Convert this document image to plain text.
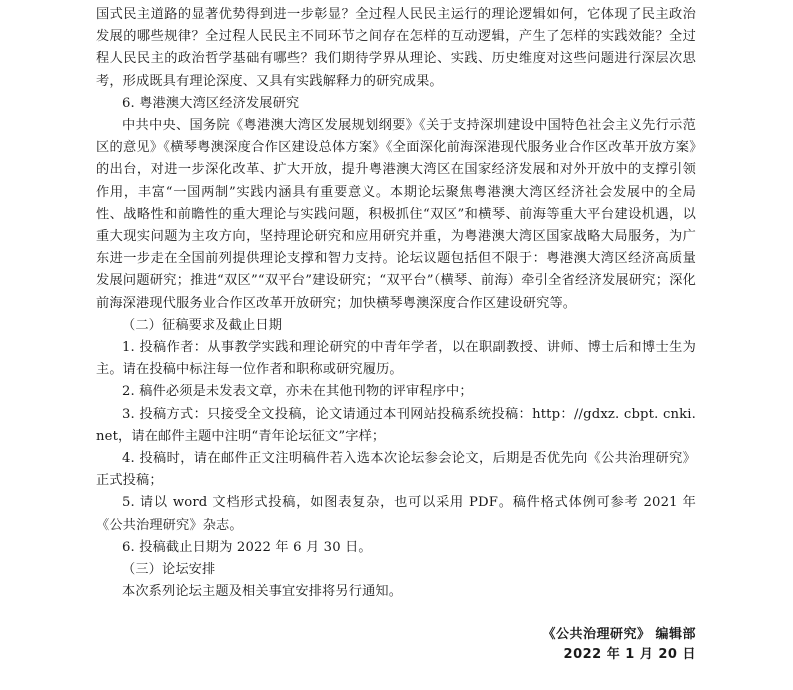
国式民主道路的显著优势得到进一步彰显？全过程人民民主运行的理论逻辑如何，它体现了民主政治发展的哪些规律？全过程人民民主不同环节之间存在怎样的互动逻辑，产生了怎样的实践效能？全过程人民民主的政治哲学基础有哪些？我们期待学界从理论、实践、历史维度对这些问题进行深层次思考，形成既具有理论深度、又具有实践解释力的研究成果。

6. 粤港澳大湾区经济发展研究

中共中央、国务院《粤港澳大湾区发展规划纲要》《关于支持深圳建设中国特色社会主义先行示范区的意见》《横琴粤澳深度合作区建设总体方案》《全面深化前海深港现代服务业合作区改革开放方案》的出台，对进一步深化改革、扩大开放，提升粤港澳大湾区在国家经济发展和对外开放中的支撑引领作用，丰富“一国两制”实践内涵具有重要意义。本期论坛聚焦粤港澳大湾区经济社会发展中的全局性、战略性和前瞻性的重大理论与实践问题，积极抓住“双区”和横琴、前海等重大平台建设机遇，以重大现实问题为主攻方向，坚持理论研究和应用研究并重，为粤港澳大湾区国家战略大局服务，为广东进一步走在全国前列提供理论支撑和智力支持。论坛议题包括但不限于：粤港澳大湾区经济高质量发展问题研究；推进“双区”“双平台”建设研究；“双平台”（横琴、前海）牵引全省经济发展研究；深化前海深港现代服务业合作区改革开放研究；加快横琴粤澳深度合作区建设研究等。

（二）征稿要求及截止日期

1. 投稿作者：从事教学实践和理论研究的中青年学者，以在职副教授、讲师、博士后和博士生为主。请在投稿中标注每一位作者和职称或研究履历。

2. 稿件必须是未发表文章，亦未在其他刊物的评审程序中；

3. 投稿方式：只接受全文投稿，论文请通过本刊网站投稿系统投稿：http：//gdxz. cbpt. cnki. net，请在邮件主题中注明“青年论坛征文”字样；

4. 投稿时，请在邮件正文注明稿件若入选本次论坛参会论文，后期是否优先向《公共治理研究》正式投稿；

5. 请以 word 文档形式投稿，如图表复杂，也可以采用 PDF。稿件格式体例可参考 2021 年《公共治理研究》杂志。

6. 投稿截止日期为 2022 年 6 月 30 日。

（三）论坛安排

本次系列论坛主题及相关事宜安排将另行通知。

《公共治理研究》 编辑部
2022 年 1 月 20 日
